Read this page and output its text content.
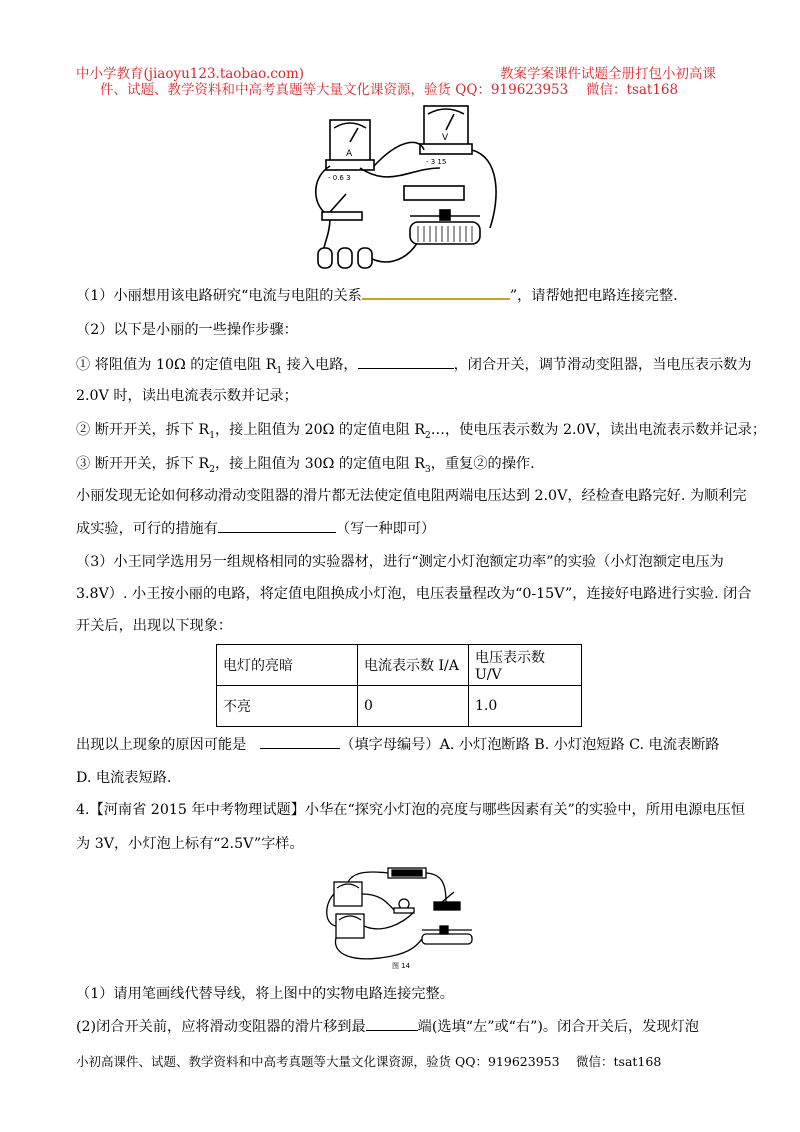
中小学教育(jiaoyu123.taobao.com)	教案学案课件试题全册打包小初高课
件、试题、教学资料和中高考真题等大量文化课资源，验货 QQ：919623953　 微信：tsat168
A
V
- 0.6 3
- 3 15
（1）小丽想用该电路研究“电流与电阻的关系	”，请帮她把电路连接完整.
（2）以下是小丽的一些操作步骤：
① 将阻值为 10Ω 的定值电阻 $R_1$ 接入电路，	，闭合开关，调节滑动变阻器，当电压表示数为
2.0V 时，读出电流表示数并记录；
② 断开开关，拆下 $R_1$，接上阻值为 20Ω 的定值电阻 $R_2\dots$，使电压表示数为 2.0V，读出电流表示数并记录；
③ 断开开关，拆下 $R_2$，接上阻值为 30Ω 的定值电阻 $R_3$，重复②的操作.
小丽发现无论如何移动滑动变阻器的滑片都无法使定值电阻两端电压达到 2.0V，经检查电路完好. 为顺利完
成实验，可行的措施有	（写一种即可）
（3）小王同学选用另一组规格相同的实验器材，进行“测定小灯泡额定功率”的实验（小灯泡额定电压为
3.8V）. 小王按小丽的电路，将定值电阻换成小灯泡，电压表量程改为“0-15V”，连接好电路进行实验. 闭合
开关后，出现以下现象：
电灯的亮暗	电流表示数 I/A	电压表示数 U/V
不亮	0	1.0
出现以上现象的原因可能是	（填字母编号）A. 小灯泡断路 B. 小灯泡短路 C. 电流表断路
D. 电流表短路.
4.【河南省 2015 年中考物理试题】小华在“探究小灯泡的亮度与哪些因素有关”的实验中，所用电源电压恒
为 3V，小灯泡上标有“2.5V”字样。
图 14
（1）请用笔画线代替导线，将上图中的实物电路连接完整。
(2)闭合开关前，应将滑动变阻器的滑片移到最	端(选填“左”或“右”)。闭合开关后，发现灯泡
小初高课件、试题、教学资料和中高考真题等大量文化课资源，验货 QQ：919623953　 微信：tsat168
